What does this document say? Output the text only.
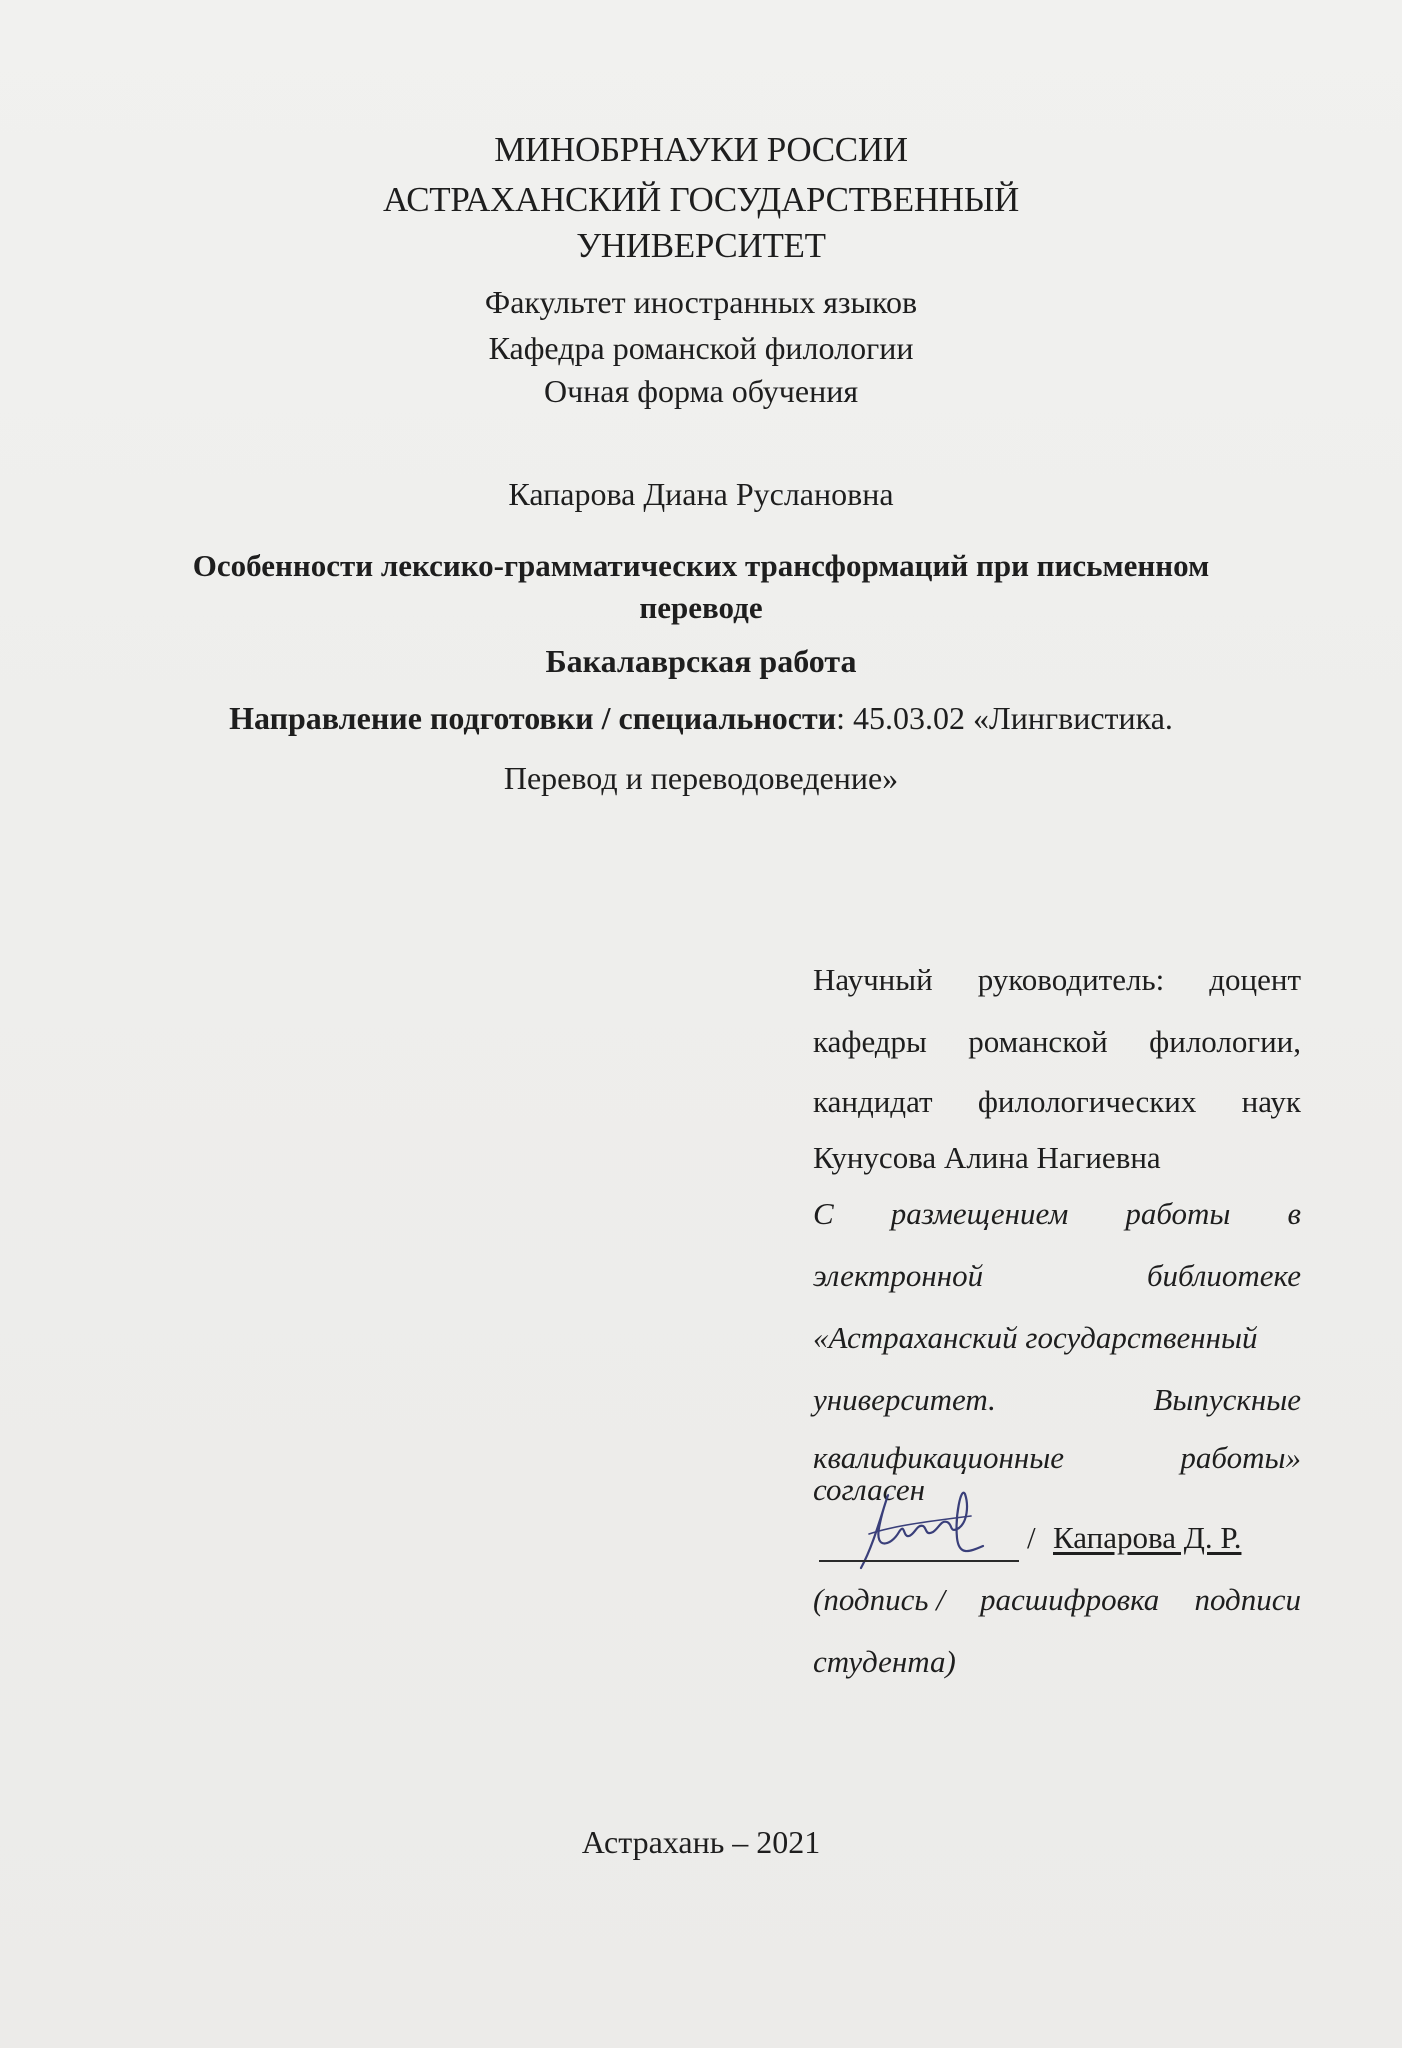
МИНОБРНАУКИ РОССИИ
АСТРАХАНСКИЙ ГОСУДАРСТВЕННЫЙ
УНИВЕРСИТЕТ
Факультет иностранных языков
Кафедра романской филологии
Очная форма обучения
Капарова Диана Руслановна
Особенности лексико-грамматических трансформаций при письменном
переводе
Бакалаврская работа
Направление подготовки / специальности: 45.03.02 «Лингвистика.
Перевод и переводоведение»
Научный руководитель: доцент
кафедры романской филологии,
кандидат филологических наук
Кунусова Алина Нагиевна
С размещением работы в
электронной	библиотеке
«Астраханский государственный
университет.	Выпускные
квалификационные	работы»
согласен
/ Капарова Д. Р.
(подпись / расшифровка подписи
студента)
Астрахань – 2021
